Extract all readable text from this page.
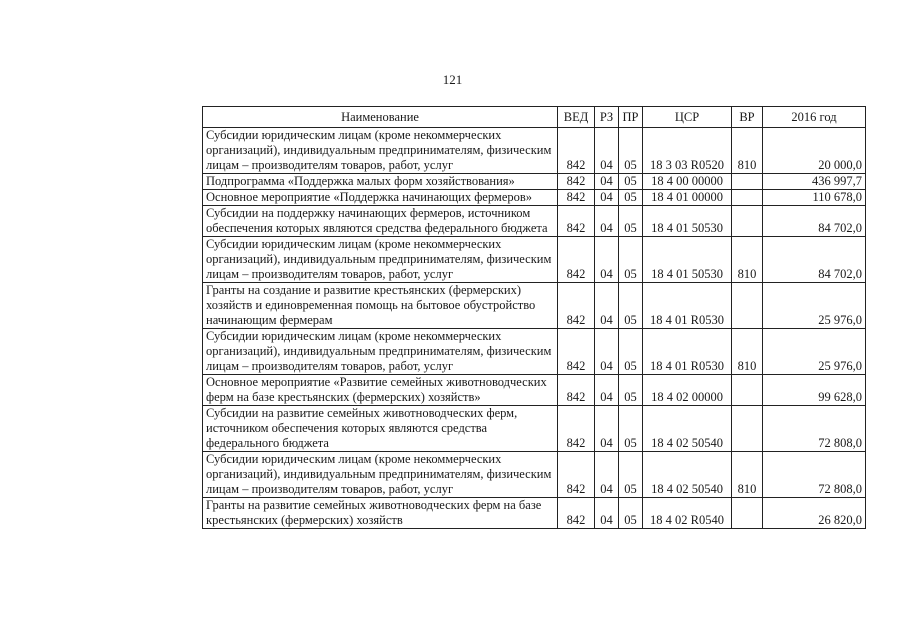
121
Наименование	ВЕД	РЗ	ПР	ЦСР	ВР	2016 год
Субсидии юридическим лицам (кроме некоммерческих организаций), индивидуальным предпринимателям, физическим лицам – производителям товаров, работ, услуг	842	04	05	18 3 03 R0520	810	20 000,0
Подпрограмма «Поддержка малых форм хозяйствования»	842	04	05	18 4 00 00000		436 997,7
Основное мероприятие «Поддержка начинающих фермеров»	842	04	05	18 4 01 00000		110 678,0
Субсидии на поддержку начинающих фермеров, источником обеспечения которых являются средства федерального бюджета	842	04	05	18 4 01 50530		84 702,0
Субсидии юридическим лицам (кроме некоммерческих организаций), индивидуальным предпринимателям, физическим лицам – производителям товаров, работ, услуг	842	04	05	18 4 01 50530	810	84 702,0
Гранты на создание и развитие крестьянских (фермерских) хозяйств и единовременная помощь на бытовое обустройство начинающим фермерам	842	04	05	18 4 01 R0530		25 976,0
Субсидии юридическим лицам (кроме некоммерческих организаций), индивидуальным предпринимателям, физическим лицам – производителям товаров, работ, услуг	842	04	05	18 4 01 R0530	810	25 976,0
Основное мероприятие «Развитие семейных животноводческих ферм на базе крестьянских (фермерских) хозяйств»	842	04	05	18 4 02 00000		99 628,0
Субсидии на развитие семейных животноводческих ферм, источником обеспечения которых являются средства федерального бюджета	842	04	05	18 4 02 50540		72 808,0
Субсидии юридическим лицам (кроме некоммерческих организаций), индивидуальным предпринимателям, физическим лицам – производителям товаров, работ, услуг	842	04	05	18 4 02 50540	810	72 808,0
Гранты на развитие семейных животноводческих ферм на базе крестьянских (фермерских) хозяйств	842	04	05	18 4 02 R0540		26 820,0
